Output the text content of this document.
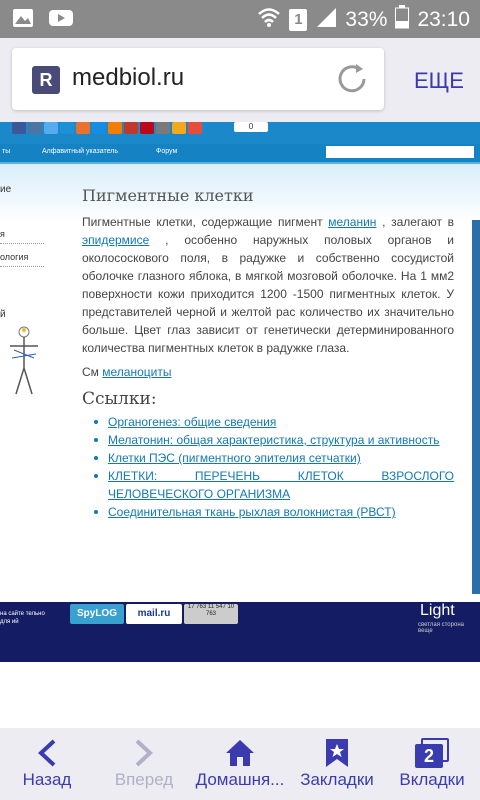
1 33% 23:10
R medbiol.ru	ЕЩЕ
0
ты	Алфавитный указатель	Форум
ие
я
ология
й
Пигментные клетки
Пигментные клетки, содержащие пигмент меланин , залегают в эпидермисе , особенно наружных половых органов и околососкового поля, в радужке и собственно сосудистой оболочке глазного яблока, в мягкой мозговой оболочке. На 1 мм2 поверхности кожи приходится 1200 -1500 пигментных клеток. У представителей черной и желтой рас количество их значительно больше. Цвет глаз зависит от генетически детерминированного количества пигментных клеток в радужке глаза.
См меланоциты
Ссылки:
Органогенез: общие сведения
Мелатонин: общая характеристика, структура и активность
Клетки ПЭС (пигментного эпителия сетчатки)
КЛЕТКИ: ПЕРЕЧЕНЬ КЛЕТОК ВЗРОСЛОГО ЧЕЛОВЕЧЕСКОГО ОРГАНИЗМА
Соединительная ткань рыхлая волокнистая (РВСТ)
на сайте тельно для ий
SpyLOG	mail.ru
17 763 11 547 10 763	Light
светлая сторона веще
Назад	Вперед	Домашня... Закладки
2
Вкладки
